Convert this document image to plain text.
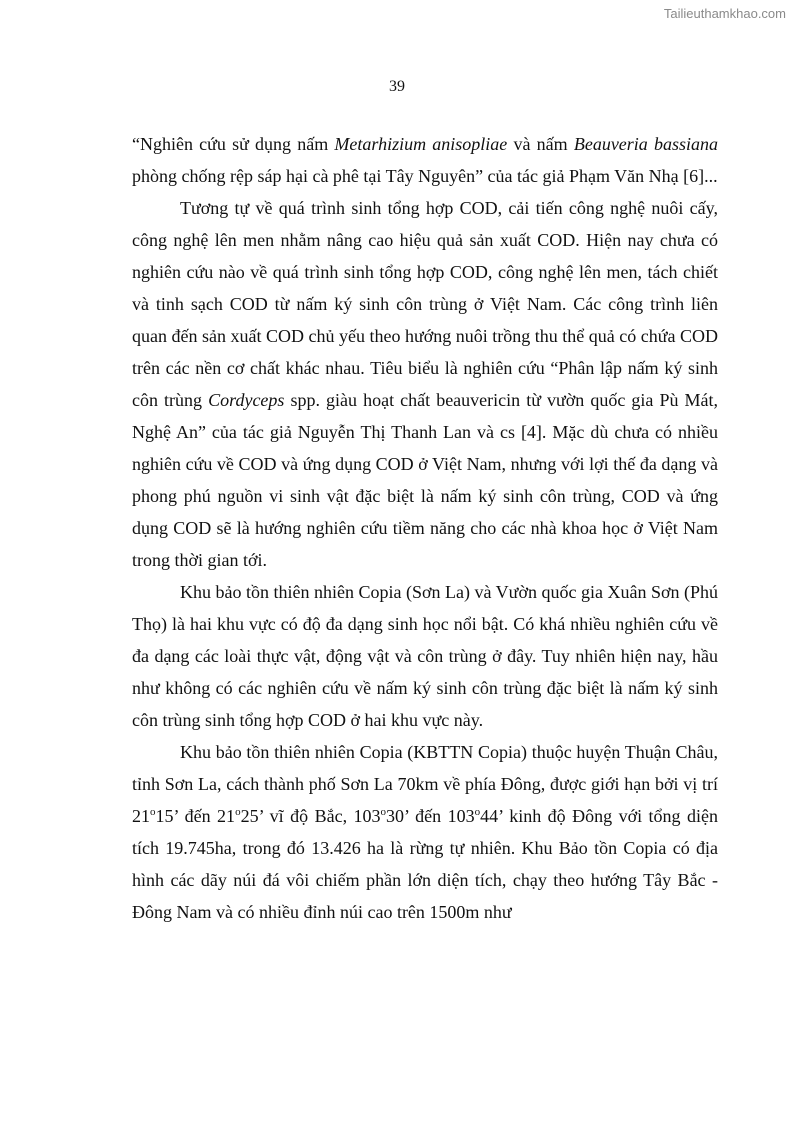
Tailieuthamkhao.com
39

“Nghiên cứu sử dụng nấm Metarhizium anisopliae và nấm Beauveria bassiana phòng chống rệp sáp hại cà phê tại Tây Nguyên” của tác giả Phạm Văn Nhạ [6]...

Tương tự về quá trình sinh tổng hợp COD, cải tiến công nghệ nuôi cấy, công nghệ lên men nhằm nâng cao hiệu quả sản xuất COD. Hiện nay chưa có nghiên cứu nào về quá trình sinh tổng hợp COD, công nghệ lên men, tách chiết và tinh sạch COD từ nấm ký sinh côn trùng ở Việt Nam. Các công trình liên quan đến sản xuất COD chủ yếu theo hướng nuôi trồng thu thể quả có chứa COD trên các nền cơ chất khác nhau. Tiêu biểu là nghiên cứu “Phân lập nấm ký sinh côn trùng Cordyceps spp. giàu hoạt chất beauvericin từ vườn quốc gia Pù Mát, Nghệ An” của tác giả Nguyễn Thị Thanh Lan và cs [4]. Mặc dù chưa có nhiều nghiên cứu về COD và ứng dụng COD ở Việt Nam, nhưng với lợi thế đa dạng và phong phú nguồn vi sinh vật đặc biệt là nấm ký sinh côn trùng, COD và ứng dụng COD sẽ là hướng nghiên cứu tiềm năng cho các nhà khoa học ở Việt Nam trong thời gian tới.

Khu bảo tồn thiên nhiên Copia (Sơn La) và Vườn quốc gia Xuân Sơn (Phú Thọ) là hai khu vực có độ đa dạng sinh học nổi bật. Có khá nhiều nghiên cứu về đa dạng các loài thực vật, động vật và côn trùng ở đây. Tuy nhiên hiện nay, hầu như không có các nghiên cứu về nấm ký sinh côn trùng đặc biệt là nấm ký sinh côn trùng sinh tổng hợp COD ở hai khu vực này.

Khu bảo tồn thiên nhiên Copia (KBTTN Copia) thuộc huyện Thuận Châu, tỉnh Sơn La, cách thành phố Sơn La 70km về phía Đông, được giới hạn bởi vị trí 21$^o$15’ đến 21$^o$25’ vĩ độ Bắc, 103$^o$30’ đến 103$^o$44’ kinh độ Đông với tổng diện tích 19.745ha, trong đó 13.426 ha là rừng tự nhiên. Khu Bảo tồn Copia có địa hình các dãy núi đá vôi chiếm phần lớn diện tích, chạy theo hướng Tây Bắc - Đông Nam và có nhiều đỉnh núi cao trên 1500m như
